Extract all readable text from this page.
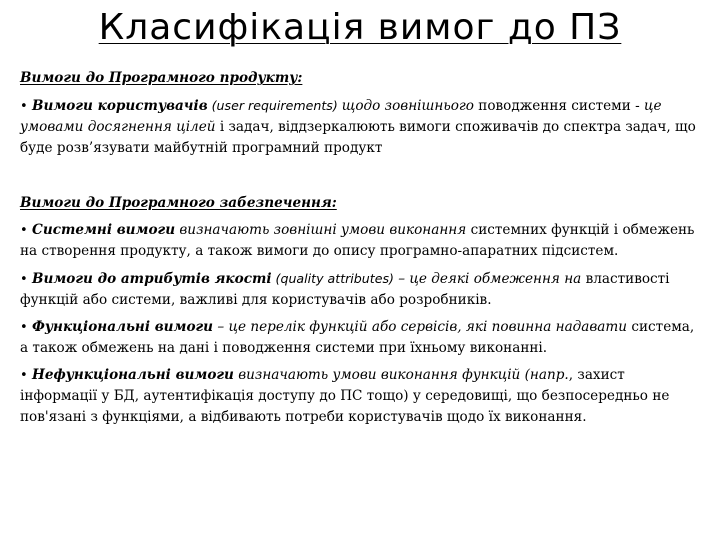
Класифікація вимог до ПЗ
Вимоги до Програмного продукту:
• Вимоги користувачів (user requirements) щодо зовнішнього поводження системи - це умовами досягнення цілей і задач, віддзеркалюють вимоги споживачів до спектра задач, що буде розв’язувати майбутній програмний продукт
Вимоги до Програмного забезпечення:
• Системні вимоги визначають зовнішні умови виконання системних функцій і обмежень на створення продукту, а також вимоги до опису програмно-апаратних підсистем.
• Вимоги до атрибутів якості (quality attributes) – це деякі обмеження на властивості функцій або системи, важливі для користувачів або розробників.
• Функціональні вимоги – це перелік функцій або сервісів, які повинна надавати система, а також обмежень на дані і поводження системи при їхньому виконанні.
• Нефункціональні вимоги визначають умови виконання функцій (напр., захист інформації у БД, аутентифікація доступу до ПС тощо) у середовищі, що безпосередньо не пов'язані з функціями, а відбивають потреби користувачів щодо їх виконання.
